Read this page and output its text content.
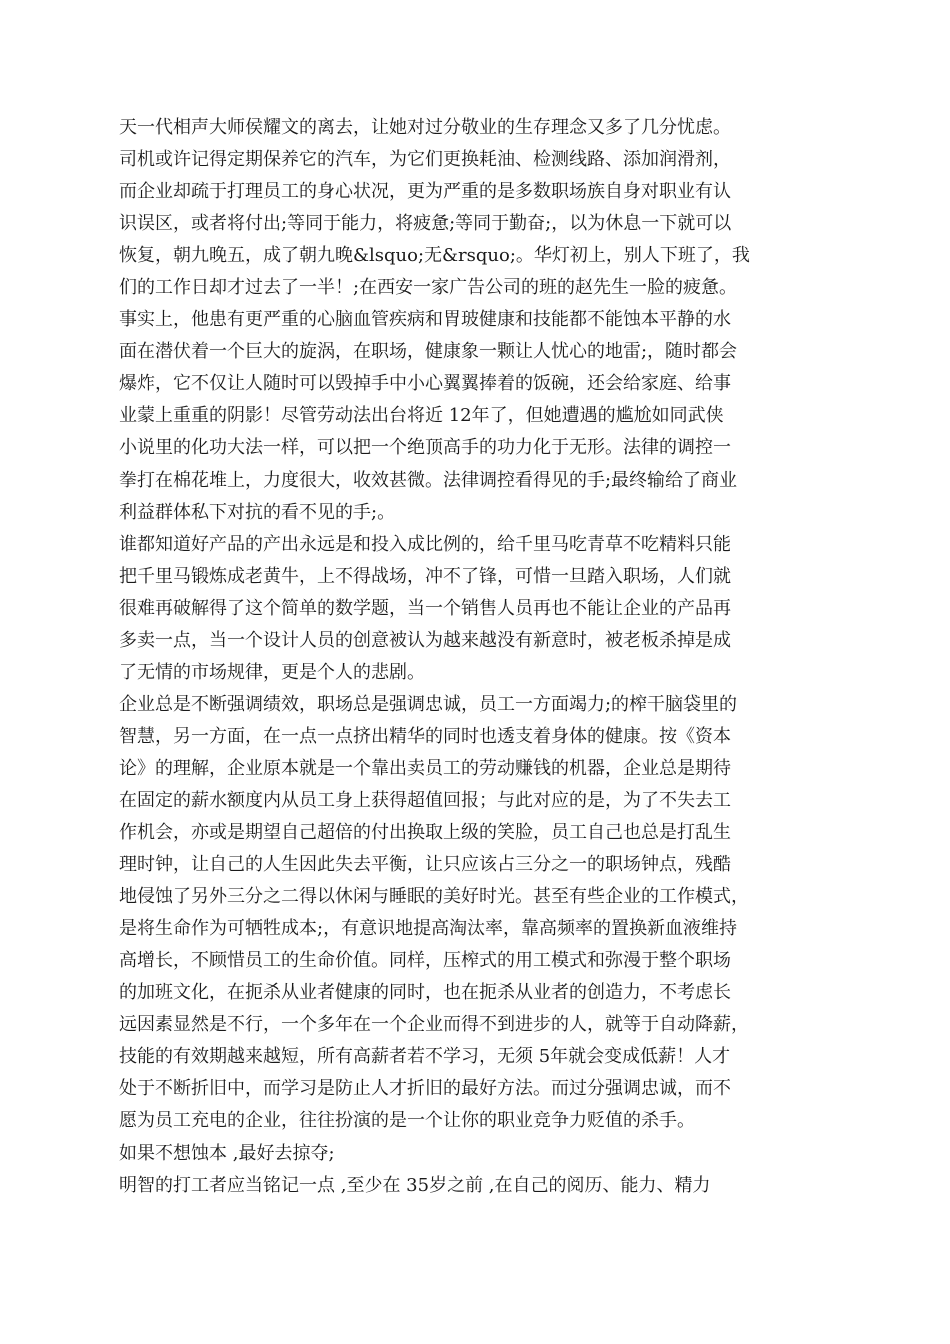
天一代相声大师侯耀文的离去，让她对过分敬业的生存理念又多了几分忧虑。
司机或许记得定期保养它的汽车，为它们更换耗油、检测线路、添加润滑剂，
而企业却疏于打理员工的身心状况，更为严重的是多数职场族自身对职业有认
识误区，或者将付出;等同于能力，将疲惫;等同于勤奋;，以为休息一下就可以
恢复，朝九晚五，成了朝九晚&lsquo;无&rsquo;。华灯初上，别人下班了，我
们的工作日却才过去了一半！;在西安一家广告公司的班的赵先生一脸的疲惫。
事实上，他患有更严重的心脑血管疾病和胃玻健康和技能都不能蚀本平静的水
面在潜伏着一个巨大的旋涡，在职场，健康象一颗让人忧心的地雷;，随时都会
爆炸，它不仅让人随时可以毁掉手中小心翼翼捧着的饭碗，还会给家庭、给事
业蒙上重重的阴影！尽管劳动法出台将近 12年了，但她遭遇的尴尬如同武侠
小说里的化功大法一样，可以把一个绝顶高手的功力化于无形。法律的调控一
拳打在棉花堆上，力度很大，收效甚微。法律调控看得见的手;最终输给了商业
利益群体私下对抗的看不见的手;。
谁都知道好产品的产出永远是和投入成比例的，给千里马吃青草不吃精料只能
把千里马锻炼成老黄牛，上不得战场，冲不了锋，可惜一旦踏入职场，人们就
很难再破解得了这个简单的数学题，当一个销售人员再也不能让企业的产品再
多卖一点，当一个设计人员的创意被认为越来越没有新意时，被老板杀掉是成
了无情的市场规律，更是个人的悲剧。
企业总是不断强调绩效，职场总是强调忠诚，员工一方面竭力;的榨干脑袋里的
智慧，另一方面，在一点一点挤出精华的同时也透支着身体的健康。按《资本
论》的理解，企业原本就是一个靠出卖员工的劳动赚钱的机器，企业总是期待
在固定的薪水额度内从员工身上获得超值回报；与此对应的是，为了不失去工
作机会，亦或是期望自己超倍的付出换取上级的笑脸，员工自己也总是打乱生
理时钟，让自己的人生因此失去平衡，让只应该占三分之一的职场钟点，残酷
地侵蚀了另外三分之二得以休闲与睡眠的美好时光。甚至有些企业的工作模式，
是将生命作为可牺牲成本;，有意识地提高淘汰率，靠高频率的置换新血液维持
高增长，不顾惜员工的生命价值。同样，压榨式的用工模式和弥漫于整个职场
的加班文化，在扼杀从业者健康的同时，也在扼杀从业者的创造力，不考虑长
远因素显然是不行，一个多年在一个企业而得不到进步的人，就等于自动降薪，
技能的有效期越来越短，所有高薪者若不学习，无须 5年就会变成低薪！人才
处于不断折旧中，而学习是防止人才折旧的最好方法。而过分强调忠诚，而不
愿为员工充电的企业，往往扮演的是一个让你的职业竞争力贬值的杀手。
如果不想蚀本 ,最好去掠夺;
明智的打工者应当铭记一点 ,至少在 35岁之前 ,在自己的阅历、能力、精力
